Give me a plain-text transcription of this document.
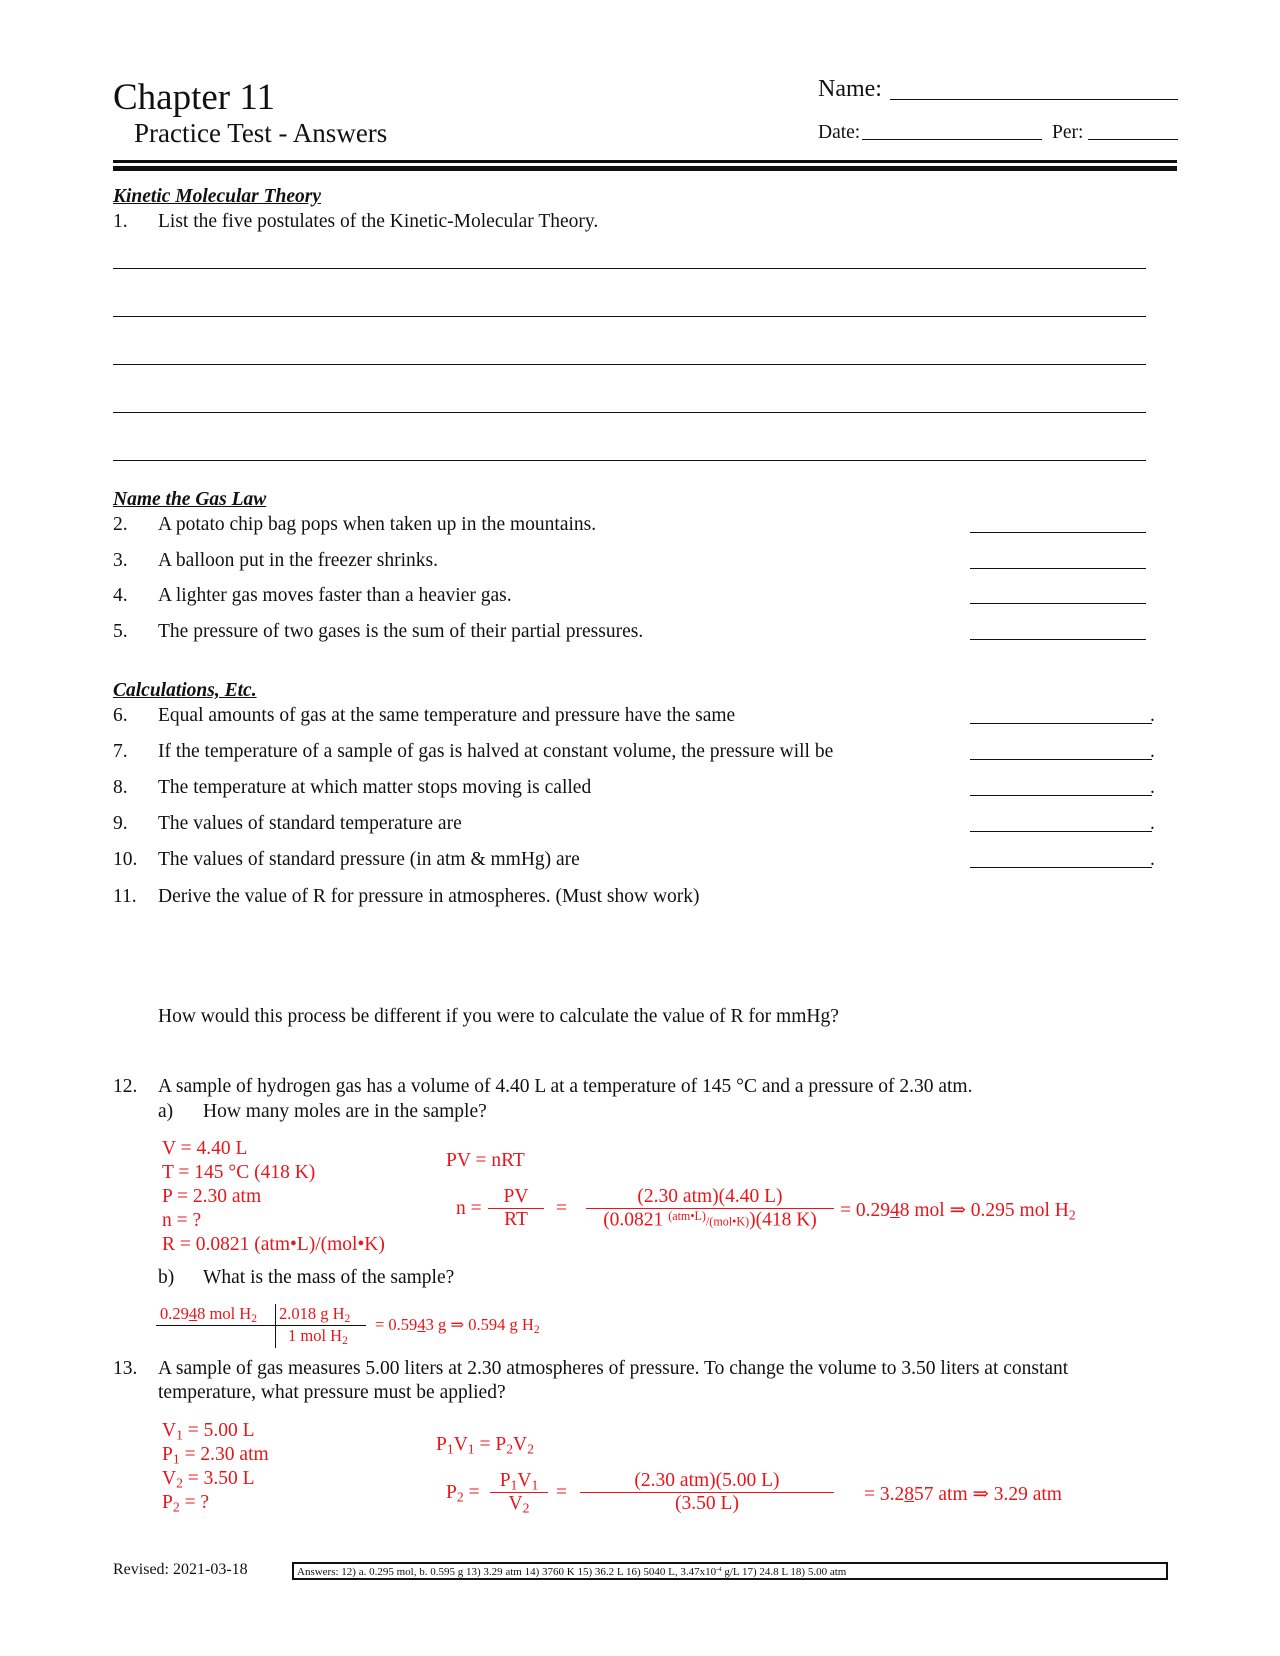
Chapter 11
Practice Test - Answers
Name:
Date:	Per:
Kinetic Molecular Theory
1. List the five postulates of the Kinetic-Molecular Theory.
Name the Gas Law
2. A potato chip bag pops when taken up in the mountains.
3. A balloon put in the freezer shrinks.
4. A lighter gas moves faster than a heavier gas.
5. The pressure of two gases is the sum of their partial pressures.
Calculations, Etc.
6. Equal amounts of gas at the same temperature and pressure have the same	.
7. If the temperature of a sample of gas is halved at constant volume, the pressure will be	.
8. The temperature at which matter stops moving is called	.
9. The values of standard temperature are	.
10. The values of standard pressure (in atm & mmHg) are	.
11. Derive the value of R for pressure in atmospheres. (Must show work)
How would this process be different if you were to calculate the value of R for mmHg?
12. A sample of hydrogen gas has a volume of 4.40 L at a temperature of 145 °C and a pressure of 2.30 atm.
a) How many moles are in the sample?
V = 4.40 L
T = 145 °C (418 K)
P = 2.30 atm
n = ?
R = 0.0821 (atm•L)/(mol•K)
PV = nRT
n =
PV
RT
=
(2.30 atm)(4.40 L)
(0.0821 $^{(atm•L)}$/(mol•K))(418 K)	= 0.2948 mol ⇒ 0.295 mol $H_2$
b) What is the mass of the sample?
0.2948 mol $H_2$ 2.018 g $H_2$
1 mol $H_2$
= 0.5943 g ⇒ 0.594 g $H_2$
13. A sample of gas measures 5.00 liters at 2.30 atmospheres of pressure. To change the volume to 3.50 liters at constant
temperature, what pressure must be applied?
$V_1 = 5.00$ L
$P_1 = 2.30$ atm
$V_2 = 3.50$ L
$P_2$ = ?
$P_1V_1 = P_2V_2$
$P_2$ =
$P_1V_1$
$V_2$
=
(2.30 atm)(5.00 L)
(3.50 L)	= 3.2857 atm ⇒ 3.29 atm
Revised: 2021-03-18	Answers: 12) a. 0.295 mol, b. 0.595 g 13) 3.29 atm 14) 3760 K 15) 36.2 L 16) 5040 L, $3.47x10^{-4}$ g/L 17) 24.8 L 18) 5.00 atm
